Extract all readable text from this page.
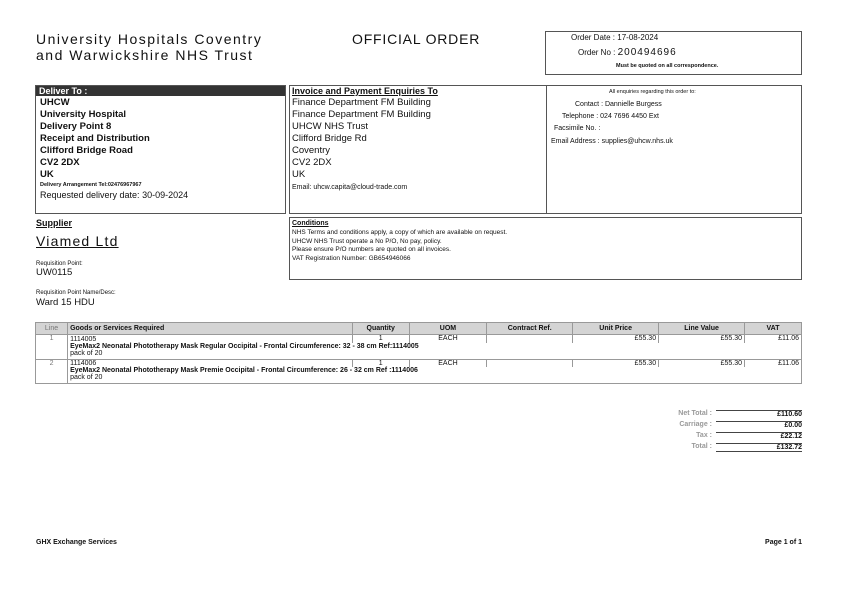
University Hospitals Coventry
and Warwickshire NHS Trust
OFFICIAL ORDER	Order Date : 17-08-2024
Order No : 200494696
Must be quoted on all correspondence.
Deliver To :
UHCW
University Hospital
Delivery Point 8
Receipt and Distribution
Clifford Bridge Road
CV2 2DX
UK
Delivery Arrangement Tel:02476967967
Requested delivery date: 30-09-2024
Invoice and Payment Enquiries To
Finance Department FM Building
Finance Department FM Building
UHCW NHS Trust
Clifford Bridge Rd
Coventry
CV2 2DX
UK
Email: uhcw.capita@cloud-trade.com
All enquiries regarding this order to:
Contact : Dannielle Burgess
Telephone : 024 7696 4450 Ext
Facsimile No. :
Email Address : supplies@uhcw.nhs.uk
Supplier
Viamed Ltd
Requisition Point:
UW0115
Requisition Point Name/Desc:
Ward 15 HDU
Conditions
NHS Terms and conditions apply, a copy of which are available on request.
UHCW NHS Trust operate a No P/O, No pay, policy.
Please ensure P/O numbers are quoted on all invoices.
VAT Registration Number: GB654946066
Line	Goods or Services Required	Quantity	UOM	Contract Ref.	Unit Price	Line Value	VAT
1	1114005	1	EACH		£55.30	£55.30	£11.06

	EyeMax2 Neonatal Phototherapy Mask Regular Occipital - Frontal Circumference: 32 - 38 cm Ref:1114005
pack of 20						

2	1114006	1	EACH		£55.30	£55.30	£11.06

	EyeMax2 Neonatal Phototherapy Mask Premie Occipital - Frontal Circumference: 26 - 32 cm Ref :1114006
pack of 20						
Net Total :	£110.60
Carriage :	£0.00
Tax :	£22.12
Total :	£132.72
GHX Exchange Services	Page 1 of 1
